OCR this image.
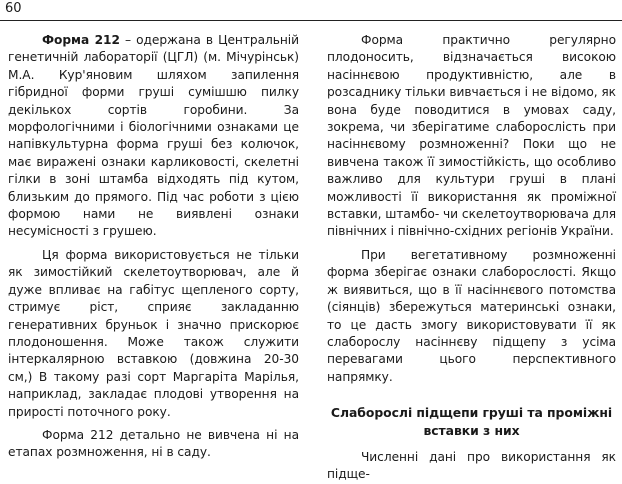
60

Форма 212 – одержана в Центральній генетичній лабораторії (ЦГЛ) (м. Мічурінськ) М.А. Кур'яновим шляхом запилення гібридної форми груші сумішшю пилку декількох сортів горобини. За морфологічними і біологічними ознаками це напівкультурна форма груші без колючок, має виражені ознаки карликовості, скелетні гілки в зоні штамба відходять під кутом, близьким до прямого. Під час роботи з цією формою нами не виявлені ознаки несумісності з грушею.

Ця форма використовується не тільки як зимостійкий скелетоутворювач, але й дуже впливає на габітус щепленого сорту, стримує ріст, сприяє закладанню генеративних бруньок і значно прискорює плодоношення. Може також служити інтеркалярною вставкою (довжина 20-30 см,) В такому разі сорт Маргаріта Марілья, наприклад, закладає плодові утворення на прирості поточного року.

Форма 212 детально не вивчена ні на етапах розмноження, ні в саду.

Форма практично регулярно плодоносить, відзначається високою насіннєвою продуктивністю, але в розсаднику тільки вивчається і не відомо, як вона буде поводитися в умовах саду, зокрема, чи зберігатиме слаборослість при насіннєвому розмноженні? Поки що не вивчена також її зимостійкість, що особливо важливо для культури груші в плані можливості її використання як проміжної вставки, штамбо- чи скелетоутворювача для північних і північно-східних регіонів України.

При вегетативному розмноженні форма зберігає ознаки слаборослості. Якщо ж виявиться, що в її насіннєвого потомства (сіянців) збережуться материнські ознаки, то це дасть змогу використовувати її як слаборослу насіннєву підщепу з усіма перевагами цього перспективного напрямку.

Слаборослі підщепи груші та проміжні вставки з них

Численні дані про використання як підще-
